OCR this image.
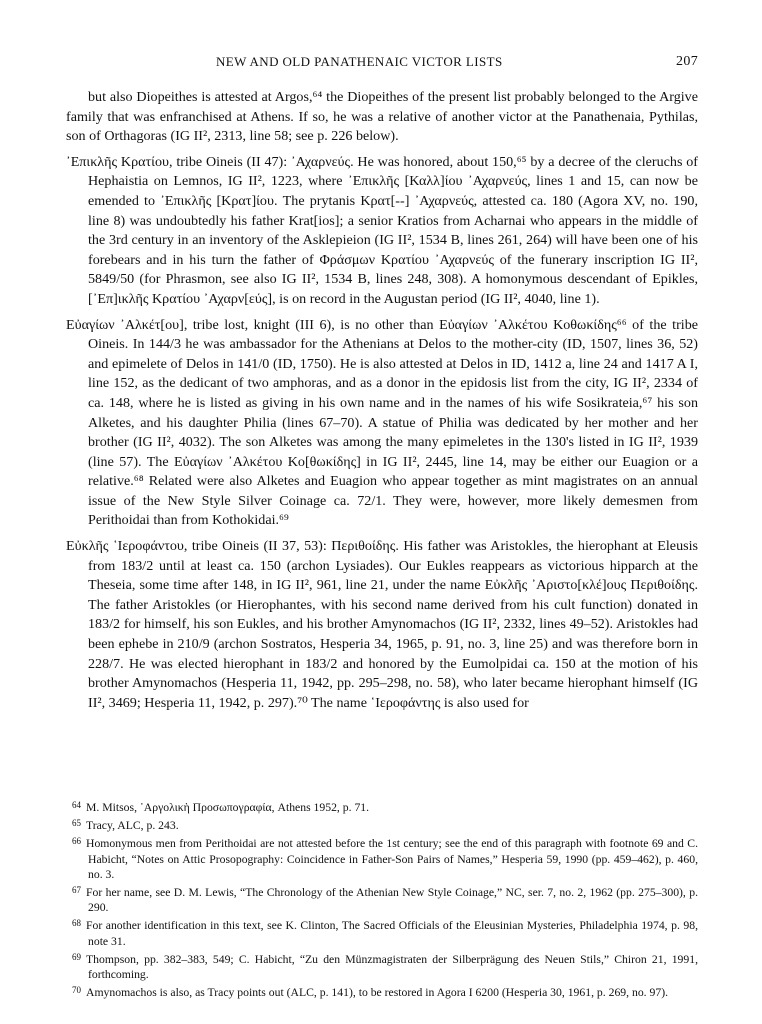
NEW AND OLD PANATHENAIC VICTOR LISTS	207

but also Diopeithes is attested at Argos,⁶⁴ the Diopeithes of the present list probably belonged to the Argive family that was enfranchised at Athens. If so, he was a relative of another victor at the Panathenaia, Pythilas, son of Orthagoras (IG II², 2313, line 58; see p. 226 below).

᾿Επικλῆς Κρατίου, tribe Oineis (II 47): ᾿Αχαρνεύς. He was honored, about 150,⁶⁵ by a decree of the cleruchs of Hephaistia on Lemnos, IG II², 1223, where ᾿Επικλῆς [Καλλ]ίου ᾿Αχαρνεύς, lines 1 and 15, can now be emended to ᾿Επικλῆς [Κρατ]ίου. The prytanis Κρατ[--] ᾿Αχαρνεύς, attested ca. 180 (Agora XV, no. 190, line 8) was undoubtedly his father Krat[ios]; a senior Kratios from Acharnai who appears in the middle of the 3rd century in an inventory of the Asklepieion (IG II², 1534 B, lines 261, 264) will have been one of his forebears and in his turn the father of Φράσμων Κρατίου ᾿Αχαρνεύς of the funerary inscription IG II², 5849/50 (for Phrasmon, see also IG II², 1534 B, lines 248, 308). A homonymous descendant of Epikles, [᾿Επ]ικλῆς Κρατίου ᾿Αχαρν[εύς], is on record in the Augustan period (IG II², 4040, line 1).

Εὐαγίων ᾿Αλκέτ[ου], tribe lost, knight (III 6), is no other than Εὐαγίων ᾿Αλκέτου Κοθωκίδης⁶⁶ of the tribe Oineis. In 144/3 he was ambassador for the Athenians at Delos to the mother-city (ID, 1507, lines 36, 52) and epimelete of Delos in 141/0 (ID, 1750). He is also attested at Delos in ID, 1412 a, line 24 and 1417 A I, line 152, as the dedicant of two amphoras, and as a donor in the epidosis list from the city, IG II², 2334 of ca. 148, where he is listed as giving in his own name and in the names of his wife Sosikrateia,⁶⁷ his son Alketes, and his daughter Philia (lines 67–70). A statue of Philia was dedicated by her mother and her brother (IG II², 4032). The son Alketes was among the many epimeletes in the 130's listed in IG II², 1939 (line 57). The Εὐαγίων ᾿Αλκέτου Κο[θωκίδης] in IG II², 2445, line 14, may be either our Euagion or a relative.⁶⁸ Related were also Alketes and Euagion who appear together as mint magistrates on an annual issue of the New Style Silver Coinage ca. 72/1. They were, however, more likely demesmen from Perithoidai than from Kothokidai.⁶⁹

Εὐκλῆς ῾Ιεροφάντου, tribe Oineis (II 37, 53): Περιθοίδης. His father was Aristokles, the hierophant at Eleusis from 183/2 until at least ca. 150 (archon Lysiades). Our Eukles reappears as victorious hipparch at the Theseia, some time after 148, in IG II², 961, line 21, under the name Εὐκλῆς ᾿Αριστο[κλέ]ους Περιθοίδης. The father Aristokles (or Hierophantes, with his second name derived from his cult function) donated in 183/2 for himself, his son Eukles, and his brother Amynomachos (IG II², 2332, lines 49–52). Aristokles had been ephebe in 210/9 (archon Sostratos, Hesperia 34, 1965, p. 91, no. 3, line 25) and was therefore born in 228/7. He was elected hierophant in 183/2 and honored by the Eumolpidai ca. 150 at the motion of his brother Amynomachos (Hesperia 11, 1942, pp. 295–298, no. 58), who later became hierophant himself (IG II², 3469; Hesperia 11, 1942, p. 297).⁷⁰ The name ῾Ιεροφάντης is also used for

64 M. Mitsos, ᾿Αργολικὴ Προσωπογραφία, Athens 1952, p. 71.

65 Tracy, ALC, p. 243.

66 Homonymous men from Perithoidai are not attested before the 1st century; see the end of this paragraph with footnote 69 and C. Habicht, “Notes on Attic Prosopography: Coincidence in Father-Son Pairs of Names,” Hesperia 59, 1990 (pp. 459–462), p. 460, no. 3.

67 For her name, see D. M. Lewis, “The Chronology of the Athenian New Style Coinage,” NC, ser. 7, no. 2, 1962 (pp. 275–300), p. 290.

68 For another identification in this text, see K. Clinton, The Sacred Officials of the Eleusinian Mysteries, Philadelphia 1974, p. 98, note 31.

69 Thompson, pp. 382–383, 549; C. Habicht, “Zu den Münzmagistraten der Silberprägung des Neuen Stils,” Chiron 21, 1991, forthcoming.

70 Amynomachos is also, as Tracy points out (ALC, p. 141), to be restored in Agora I 6200 (Hesperia 30, 1961, p. 269, no. 97).
